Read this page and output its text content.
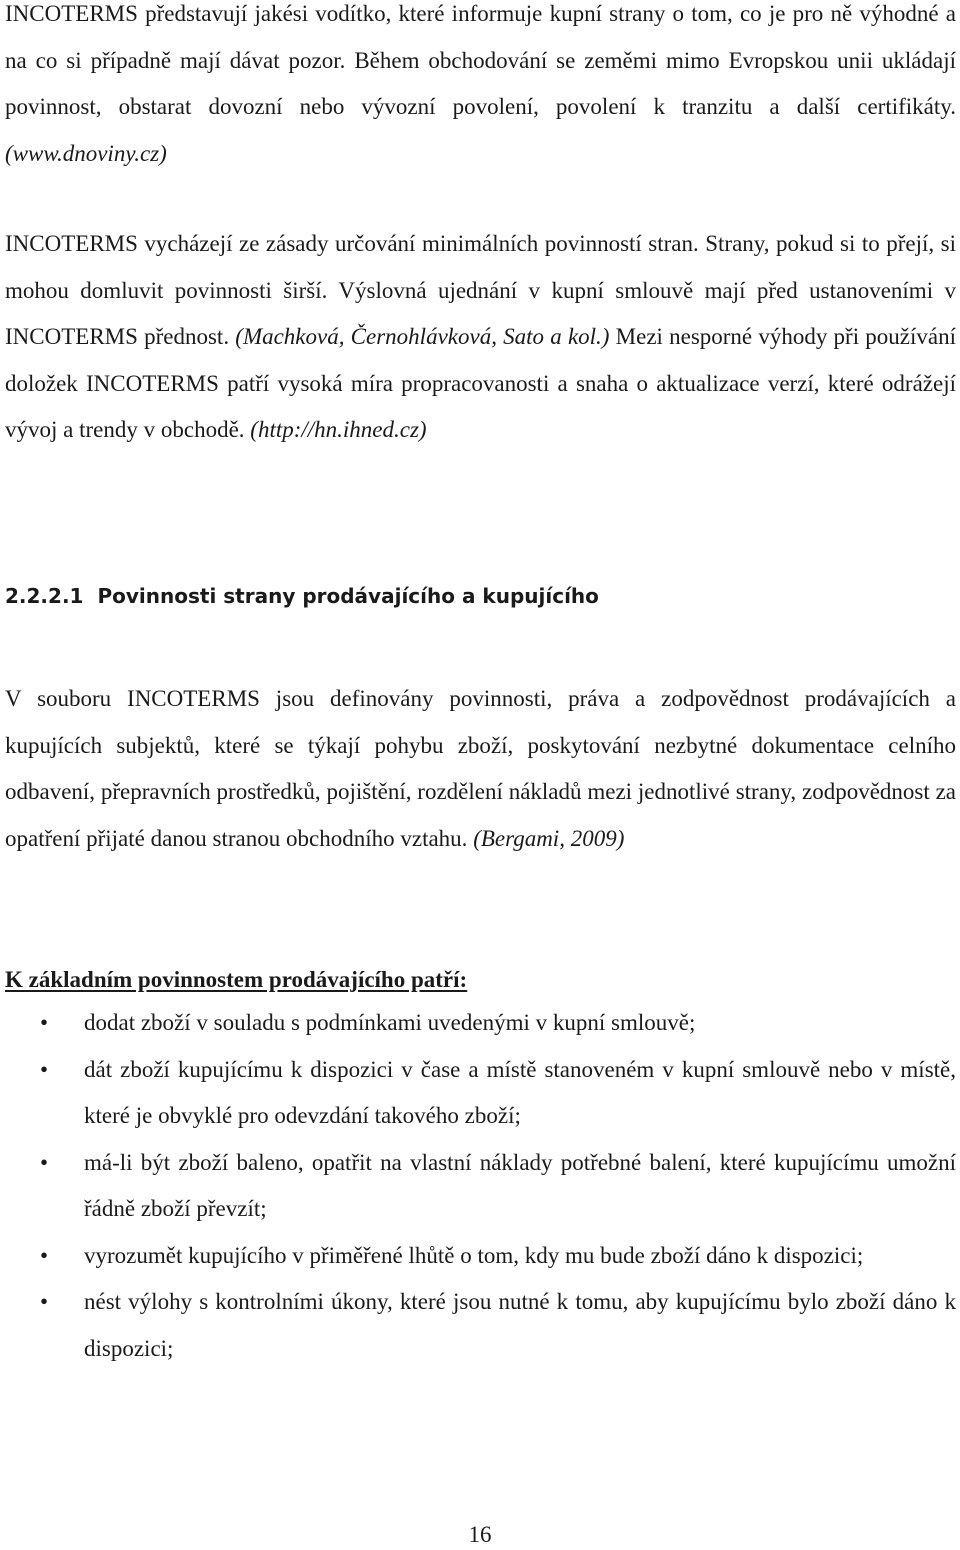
INCOTERMS představují jakési vodítko, které informuje kupní strany o tom, co je pro ně výhodné a na co si případně mají dávat pozor. Během obchodování se zeměmi mimo Evropskou unii ukládají povinnost, obstarat dovozní nebo vývozní povolení, povolení k tranzitu a další certifikáty. (www.dnoviny.cz)

INCOTERMS vycházejí ze zásady určování minimálních povinností stran. Strany, pokud si to přejí, si mohou domluvit povinnosti širší. Výslovná ujednání v kupní smlouvě mají před ustanoveními v INCOTERMS přednost. (Machková, Černohlávková, Sato a kol.) Mezi nesporné výhody při používání doložek INCOTERMS patří vysoká míra propracovanosti a snaha o aktualizace verzí, které odrážejí vývoj a trendy v obchodě. (http://hn.ihned.cz)

2.2.2.1 Povinnosti strany prodávajícího a kupujícího

V souboru INCOTERMS jsou definovány povinnosti, práva a zodpovědnost prodávajících a kupujících subjektů, které se týkají pohybu zboží, poskytování nezbytné dokumentace celního odbavení, přepravních prostředků, pojištění, rozdělení nákladů mezi jednotlivé strany, zodpovědnost za opatření přijaté danou stranou obchodního vztahu. (Bergami, 2009)

K základním povinnostem prodávajícího patří:
• dodat zboží v souladu s podmínkami uvedenými v kupní smlouvě;
• dát zboží kupujícímu k dispozici v čase a místě stanoveném v kupní smlouvě nebo v místě, které je obvyklé pro odevzdání takového zboží;
• má-li být zboží baleno, opatřit na vlastní náklady potřebné balení, které kupujícímu umožní řádně zboží převzít;
• vyrozumět kupujícího v přiměřené lhůtě o tom, kdy mu bude zboží dáno k dispozici;
• nést výlohy s kontrolními úkony, které jsou nutné k tomu, aby kupujícímu bylo zboží dáno k dispozici;
16
